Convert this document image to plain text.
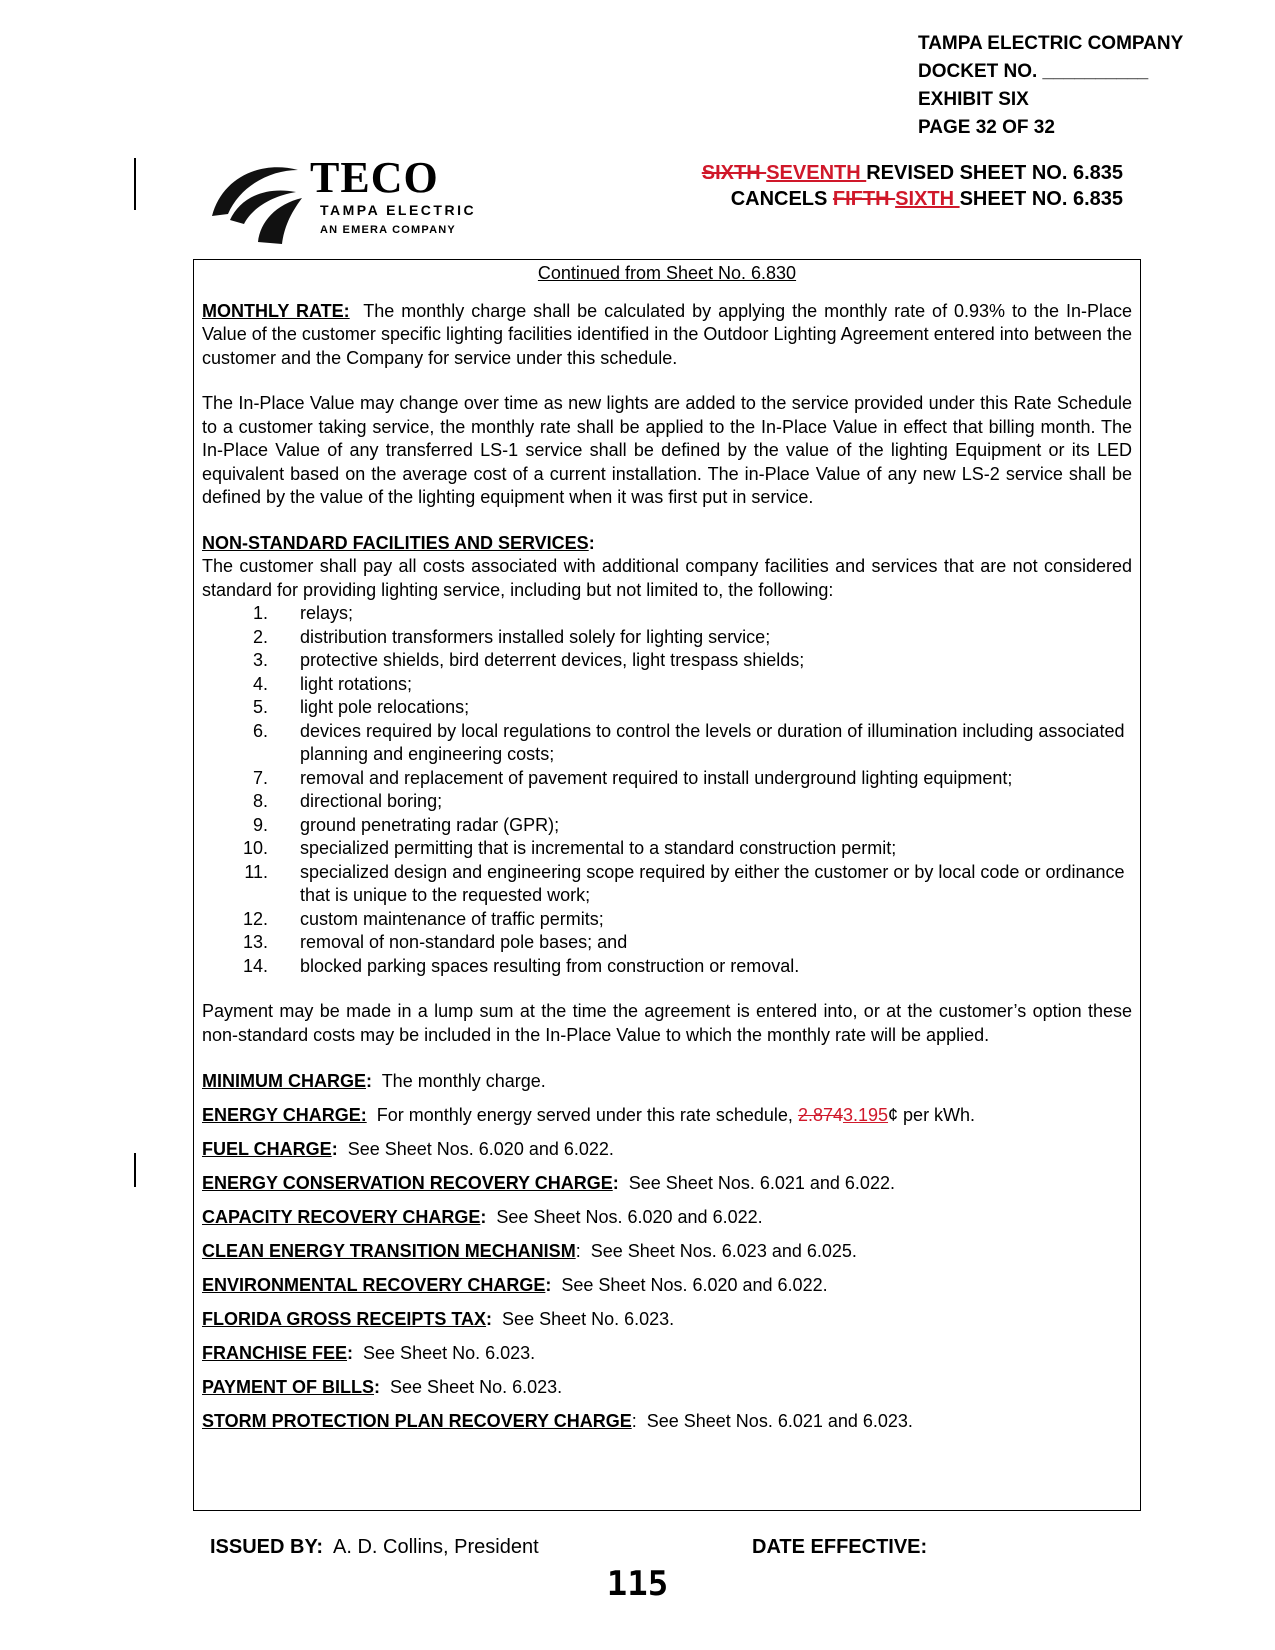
TAMPA ELECTRIC COMPANY
DOCKET NO. __________
EXHIBIT SIX
PAGE 32 OF 32
TECO
TAMPA ELECTRIC
AN EMERA COMPANY
SIXTH SEVENTH REVISED SHEET NO. 6.835
CANCELS FIFTH SIXTH SHEET NO. 6.835
Continued from Sheet No. 6.830

MONTHLY RATE: The monthly charge shall be calculated by applying the monthly rate of 0.93% to the In-Place Value of the customer specific lighting facilities identified in the Outdoor Lighting Agreement entered into between the customer and the Company for service under this schedule.

The In-Place Value may change over time as new lights are added to the service provided under this Rate Schedule to a customer taking service, the monthly rate shall be applied to the In-Place Value in effect that billing month. The In-Place Value of any transferred LS-1 service shall be defined by the value of the lighting Equipment or its LED equivalent based on the average cost of a current installation. The in-Place Value of any new LS-2 service shall be defined by the value of the lighting equipment when it was first put in service.

NON-STANDARD FACILITIES AND SERVICES:

The customer shall pay all costs associated with additional company facilities and services that are not considered standard for providing lighting service, including but not limited to, the following:

1.	relays;
2.	distribution transformers installed solely for lighting service;
3.	protective shields, bird deterrent devices, light trespass shields;
4.	light rotations;
5.	light pole relocations;
6.	devices required by local regulations to control the levels or duration of illumination including associated planning and engineering costs;
7.	removal and replacement of pavement required to install underground lighting equipment;
8.	directional boring;
9.	ground penetrating radar (GPR);
10.	specialized permitting that is incremental to a standard construction permit;
11.	specialized design and engineering scope required by either the customer or by local code or ordinance that is unique to the requested work;
12.	custom maintenance of traffic permits;
13.	removal of non-standard pole bases; and
14.	blocked parking spaces resulting from construction or removal.

Payment may be made in a lump sum at the time the agreement is entered into, or at the customer’s option these non-standard costs may be included in the In-Place Value to which the monthly rate will be applied.

MINIMUM CHARGE: The monthly charge.
ENERGY CHARGE: For monthly energy served under this rate schedule, 2.8743.195¢ per kWh.
FUEL CHARGE: See Sheet Nos. 6.020 and 6.022.
ENERGY CONSERVATION RECOVERY CHARGE: See Sheet Nos. 6.021 and 6.022.
CAPACITY RECOVERY CHARGE: See Sheet Nos. 6.020 and 6.022.
CLEAN ENERGY TRANSITION MECHANISM:  See Sheet Nos. 6.023 and 6.025.
ENVIRONMENTAL RECOVERY CHARGE: See Sheet Nos. 6.020 and 6.022.
FLORIDA GROSS RECEIPTS TAX: See Sheet No. 6.023.
FRANCHISE FEE: See Sheet No. 6.023.
PAYMENT OF BILLS: See Sheet No. 6.023.
STORM PROTECTION PLAN RECOVERY CHARGE:  See Sheet Nos. 6.021 and 6.023.
ISSUED BY: A. D. Collins, President	DATE EFFECTIVE:
115
